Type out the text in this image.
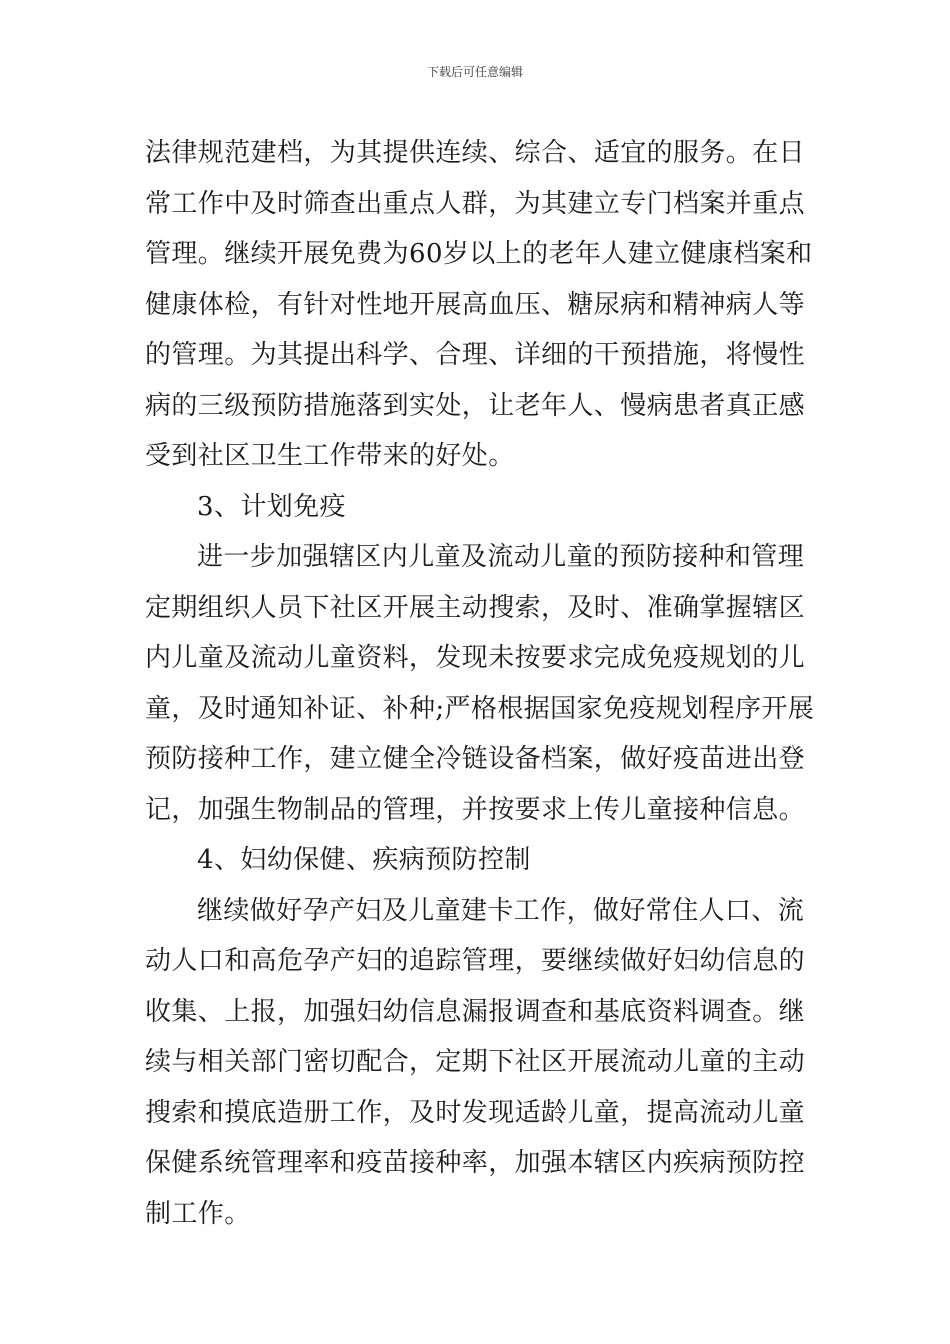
下载后可任意编辑
法律规范建档，为其提供连续、综合、适宜的服务。在日
常工作中及时筛查出重点人群，为其建立专门档案并重点
管理。继续开展免费为60岁以上的老年人建立健康档案和
健康体检，有针对性地开展高血压、糖尿病和精神病人等
的管理。为其提出科学、合理、详细的干预措施，将慢性
病的三级预防措施落到实处，让老年人、慢病患者真正感
受到社区卫生工作带来的好处。
3、计划免疫
进一步加强辖区内儿童及流动儿童的预防接种和管理
定期组织人员下社区开展主动搜索，及时、准确掌握辖区
内儿童及流动儿童资料，发现未按要求完成免疫规划的儿
童，及时通知补证、补种;严格根据国家免疫规划程序开展
预防接种工作，建立健全冷链设备档案，做好疫苗进出登
记，加强生物制品的管理，并按要求上传儿童接种信息。
4、妇幼保健、疾病预防控制
继续做好孕产妇及儿童建卡工作，做好常住人口、流
动人口和高危孕产妇的追踪管理，要继续做好妇幼信息的
收集、上报，加强妇幼信息漏报调查和基底资料调查。继
续与相关部门密切配合，定期下社区开展流动儿童的主动
搜索和摸底造册工作，及时发现适龄儿童，提高流动儿童
保健系统管理率和疫苗接种率，加强本辖区内疾病预防控
制工作。
